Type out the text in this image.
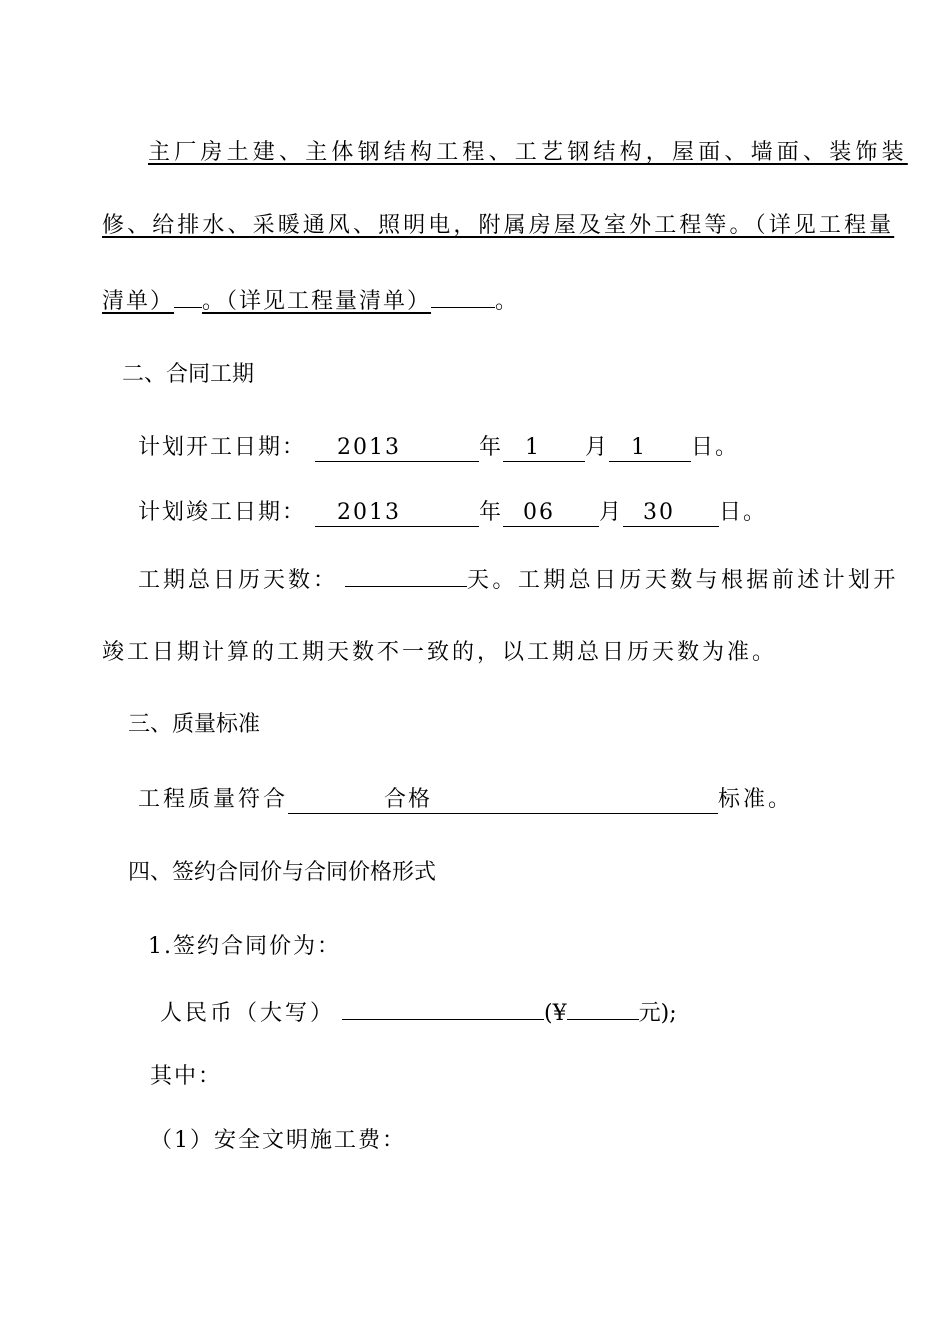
主厂房土建、主体钢结构工程、工艺钢结构，屋面、墙面、装饰装
修、给排水、采暖通风、照明电，附属房屋及室外工程等。（详见工程量
清单） 。（详见工程量清单）	。
二、合同工期
计划开工日期： 2013	年 1 月 1 日。
计划竣工日期： 2013	年 06 月 30 日。
工期总日历天数：	天。工期总日历天数与根据前述计划开
竣工日期计算的工期天数不一致的，以工期总日历天数为准。
三、质量标准
工程质量符合	合格	标准。
四、签约合同价与合同价格形式
1.签约合同价为：
人民币（大写）	(¥	元);
其中：
（1）安全文明施工费：
